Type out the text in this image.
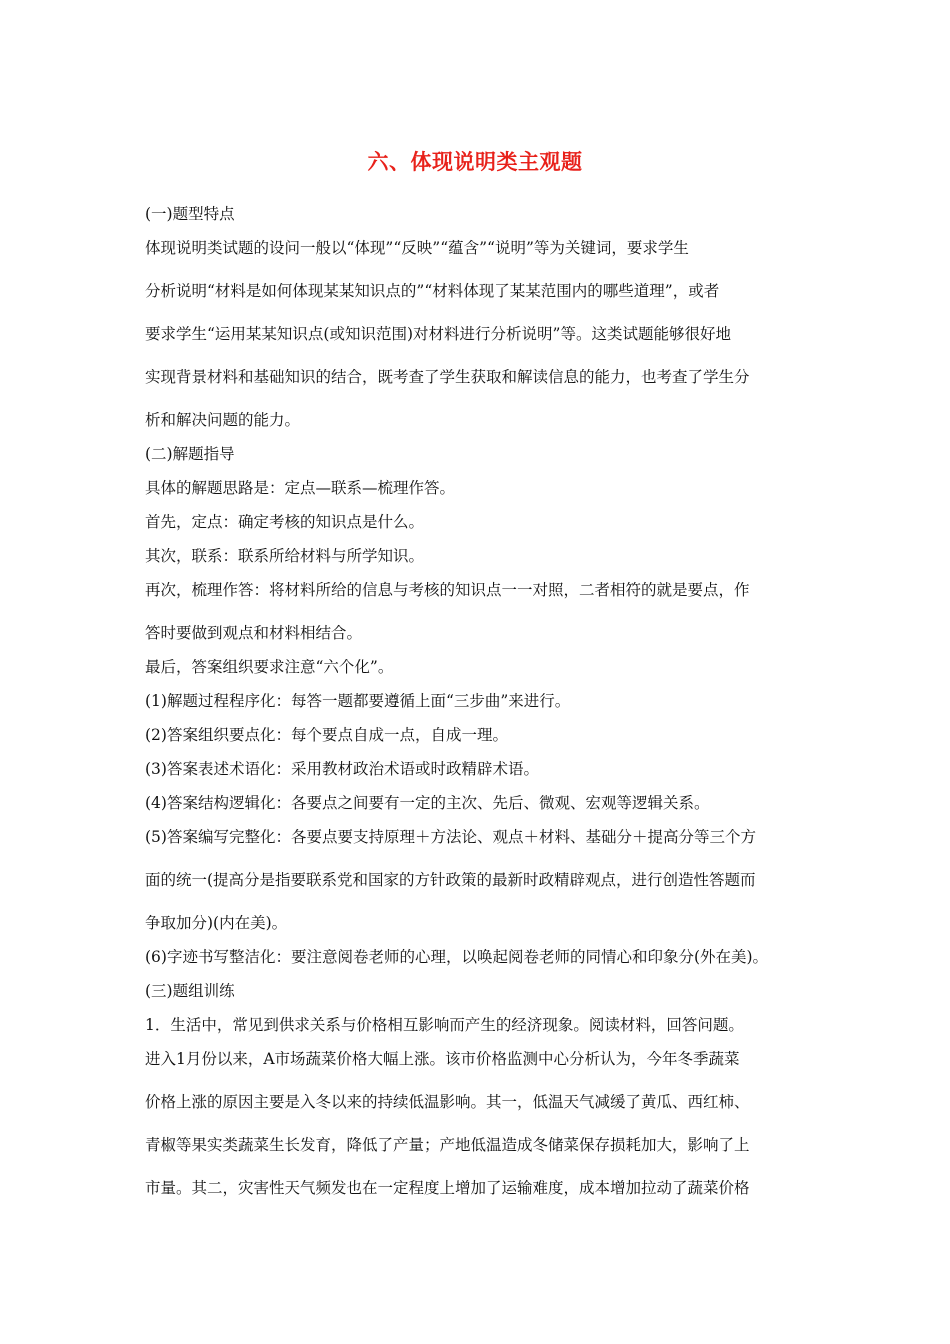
六、体现说明类主观题
(一)题型特点
体现说明类试题的设问一般以“体现”“反映”“蕴含”“说明”等为关键词，要求学生
分析说明“材料是如何体现某某知识点的”“材料体现了某某范围内的哪些道理”，或者
要求学生“运用某某知识点(或知识范围)对材料进行分析说明”等。这类试题能够很好地
实现背景材料和基础知识的结合，既考查了学生获取和解读信息的能力，也考查了学生分
析和解决问题的能力。
(二)解题指导
具体的解题思路是：定点—联系—梳理作答。
首先，定点：确定考核的知识点是什么。
其次，联系：联系所给材料与所学知识。
再次，梳理作答：将材料所给的信息与考核的知识点一一对照，二者相符的就是要点，作
答时要做到观点和材料相结合。
最后，答案组织要求注意“六个化”。
(1)解题过程程序化：每答一题都要遵循上面“三步曲”来进行。
(2)答案组织要点化：每个要点自成一点，自成一理。
(3)答案表述术语化：采用教材政治术语或时政精辟术语。
(4)答案结构逻辑化：各要点之间要有一定的主次、先后、微观、宏观等逻辑关系。
(5)答案编写完整化：各要点要支持原理＋方法论、观点＋材料、基础分＋提高分等三个方
面的统一(提高分是指要联系党和国家的方针政策的最新时政精辟观点，进行创造性答题而
争取加分)(内在美)。
(6)字迹书写整洁化：要注意阅卷老师的心理，以唤起阅卷老师的同情心和印象分(外在美)。
(三)题组训练
1．生活中，常见到供求关系与价格相互影响而产生的经济现象。阅读材料，回答问题。
进入1月份以来，A市场蔬菜价格大幅上涨。该市价格监测中心分析认为，今年冬季蔬菜
价格上涨的原因主要是入冬以来的持续低温影响。其一，低温天气减缓了黄瓜、西红柿、
青椒等果实类蔬菜生长发育，降低了产量；产地低温造成冬储菜保存损耗加大，影响了上
市量。其二，灾害性天气频发也在一定程度上增加了运输难度，成本增加拉动了蔬菜价格
